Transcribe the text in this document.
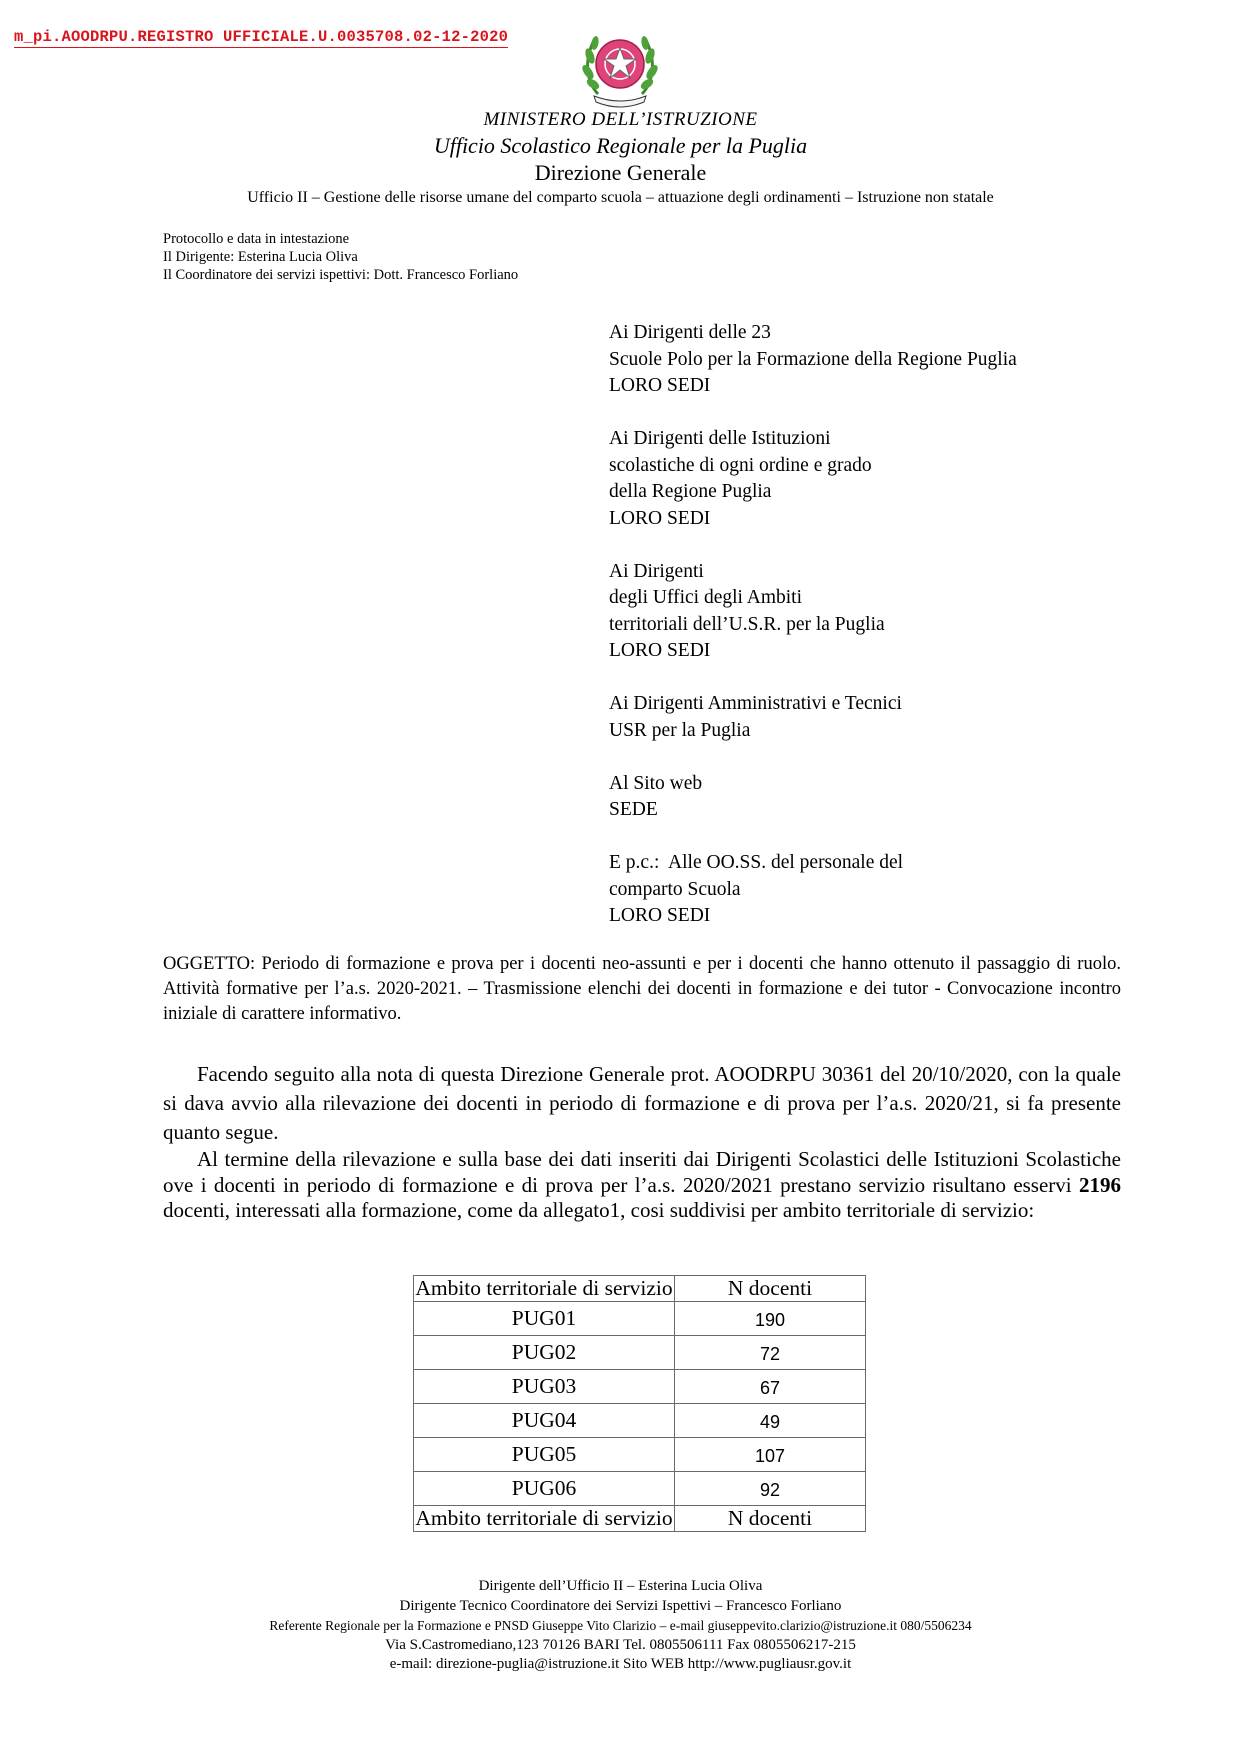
m_pi.AOODRPU.REGISTRO UFFICIALE.U.0035708.02-12-2020
MINISTERO DELL’ISTRUZIONE
Ufficio Scolastico Regionale per la Puglia
Direzione Generale
Ufficio II – Gestione delle risorse umane del comparto scuola – attuazione degli ordinamenti – Istruzione non statale
Protocollo e data in intestazione
Il Dirigente: Esterina Lucia Oliva
Il Coordinatore dei servizi ispettivi: Dott. Francesco Forliano
Ai Dirigenti delle 23
Scuole Polo per la Formazione della Regione Puglia
LORO SEDI
Ai Dirigenti delle Istituzioni
scolastiche di ogni ordine e grado
della Regione Puglia
LORO SEDI
Ai Dirigenti
degli Uffici degli Ambiti
territoriali dell’U.S.R. per la Puglia
LORO SEDI
Ai Dirigenti Amministrativi e Tecnici
USR per la Puglia
Al Sito web
SEDE
E p.c.:  Alle OO.SS. del personale del
comparto Scuola
LORO SEDI
OGGETTO: Periodo di formazione e prova per i docenti neo-assunti e per i docenti che hanno ottenuto il passaggio di ruolo. Attività formative per l’a.s. 2020-2021. – Trasmissione elenchi dei docenti in formazione e dei tutor - Convocazione incontro iniziale di carattere informativo.

Facendo seguito alla nota di questa Direzione Generale prot. AOODRPU 30361 del 20/10/2020, con la quale si dava avvio alla rilevazione dei docenti in periodo di formazione e di prova per l’a.s. 2020/21, si fa presente quanto segue.

Al termine della rilevazione e sulla base dei dati inseriti dai Dirigenti Scolastici delle Istituzioni Scolastiche ove i docenti in periodo di formazione e di prova per l’a.s. 2020/2021 prestano servizio risultano esservi 2196 docenti, interessati alla formazione, come da allegato1, cosi suddivisi per ambito territoriale di servizio:

Ambito territoriale di servizio	N docenti
PUG01	190
PUG02	72
PUG03	67
PUG04	49
PUG05	107
PUG06	92
Ambito territoriale di servizio	N docenti
Dirigente dell’Ufficio II – Esterina Lucia Oliva
Dirigente Tecnico Coordinatore dei Servizi Ispettivi – Francesco Forliano
Referente Regionale per la Formazione e PNSD Giuseppe Vito Clarizio – e-mail giuseppevito.clarizio@istruzione.it 080/5506234
Via S.Castromediano,123 70126 BARI Tel. 0805506111 Fax 0805506217-215
e-mail: direzione-puglia@istruzione.it Sito WEB http://www.pugliausr.gov.it
